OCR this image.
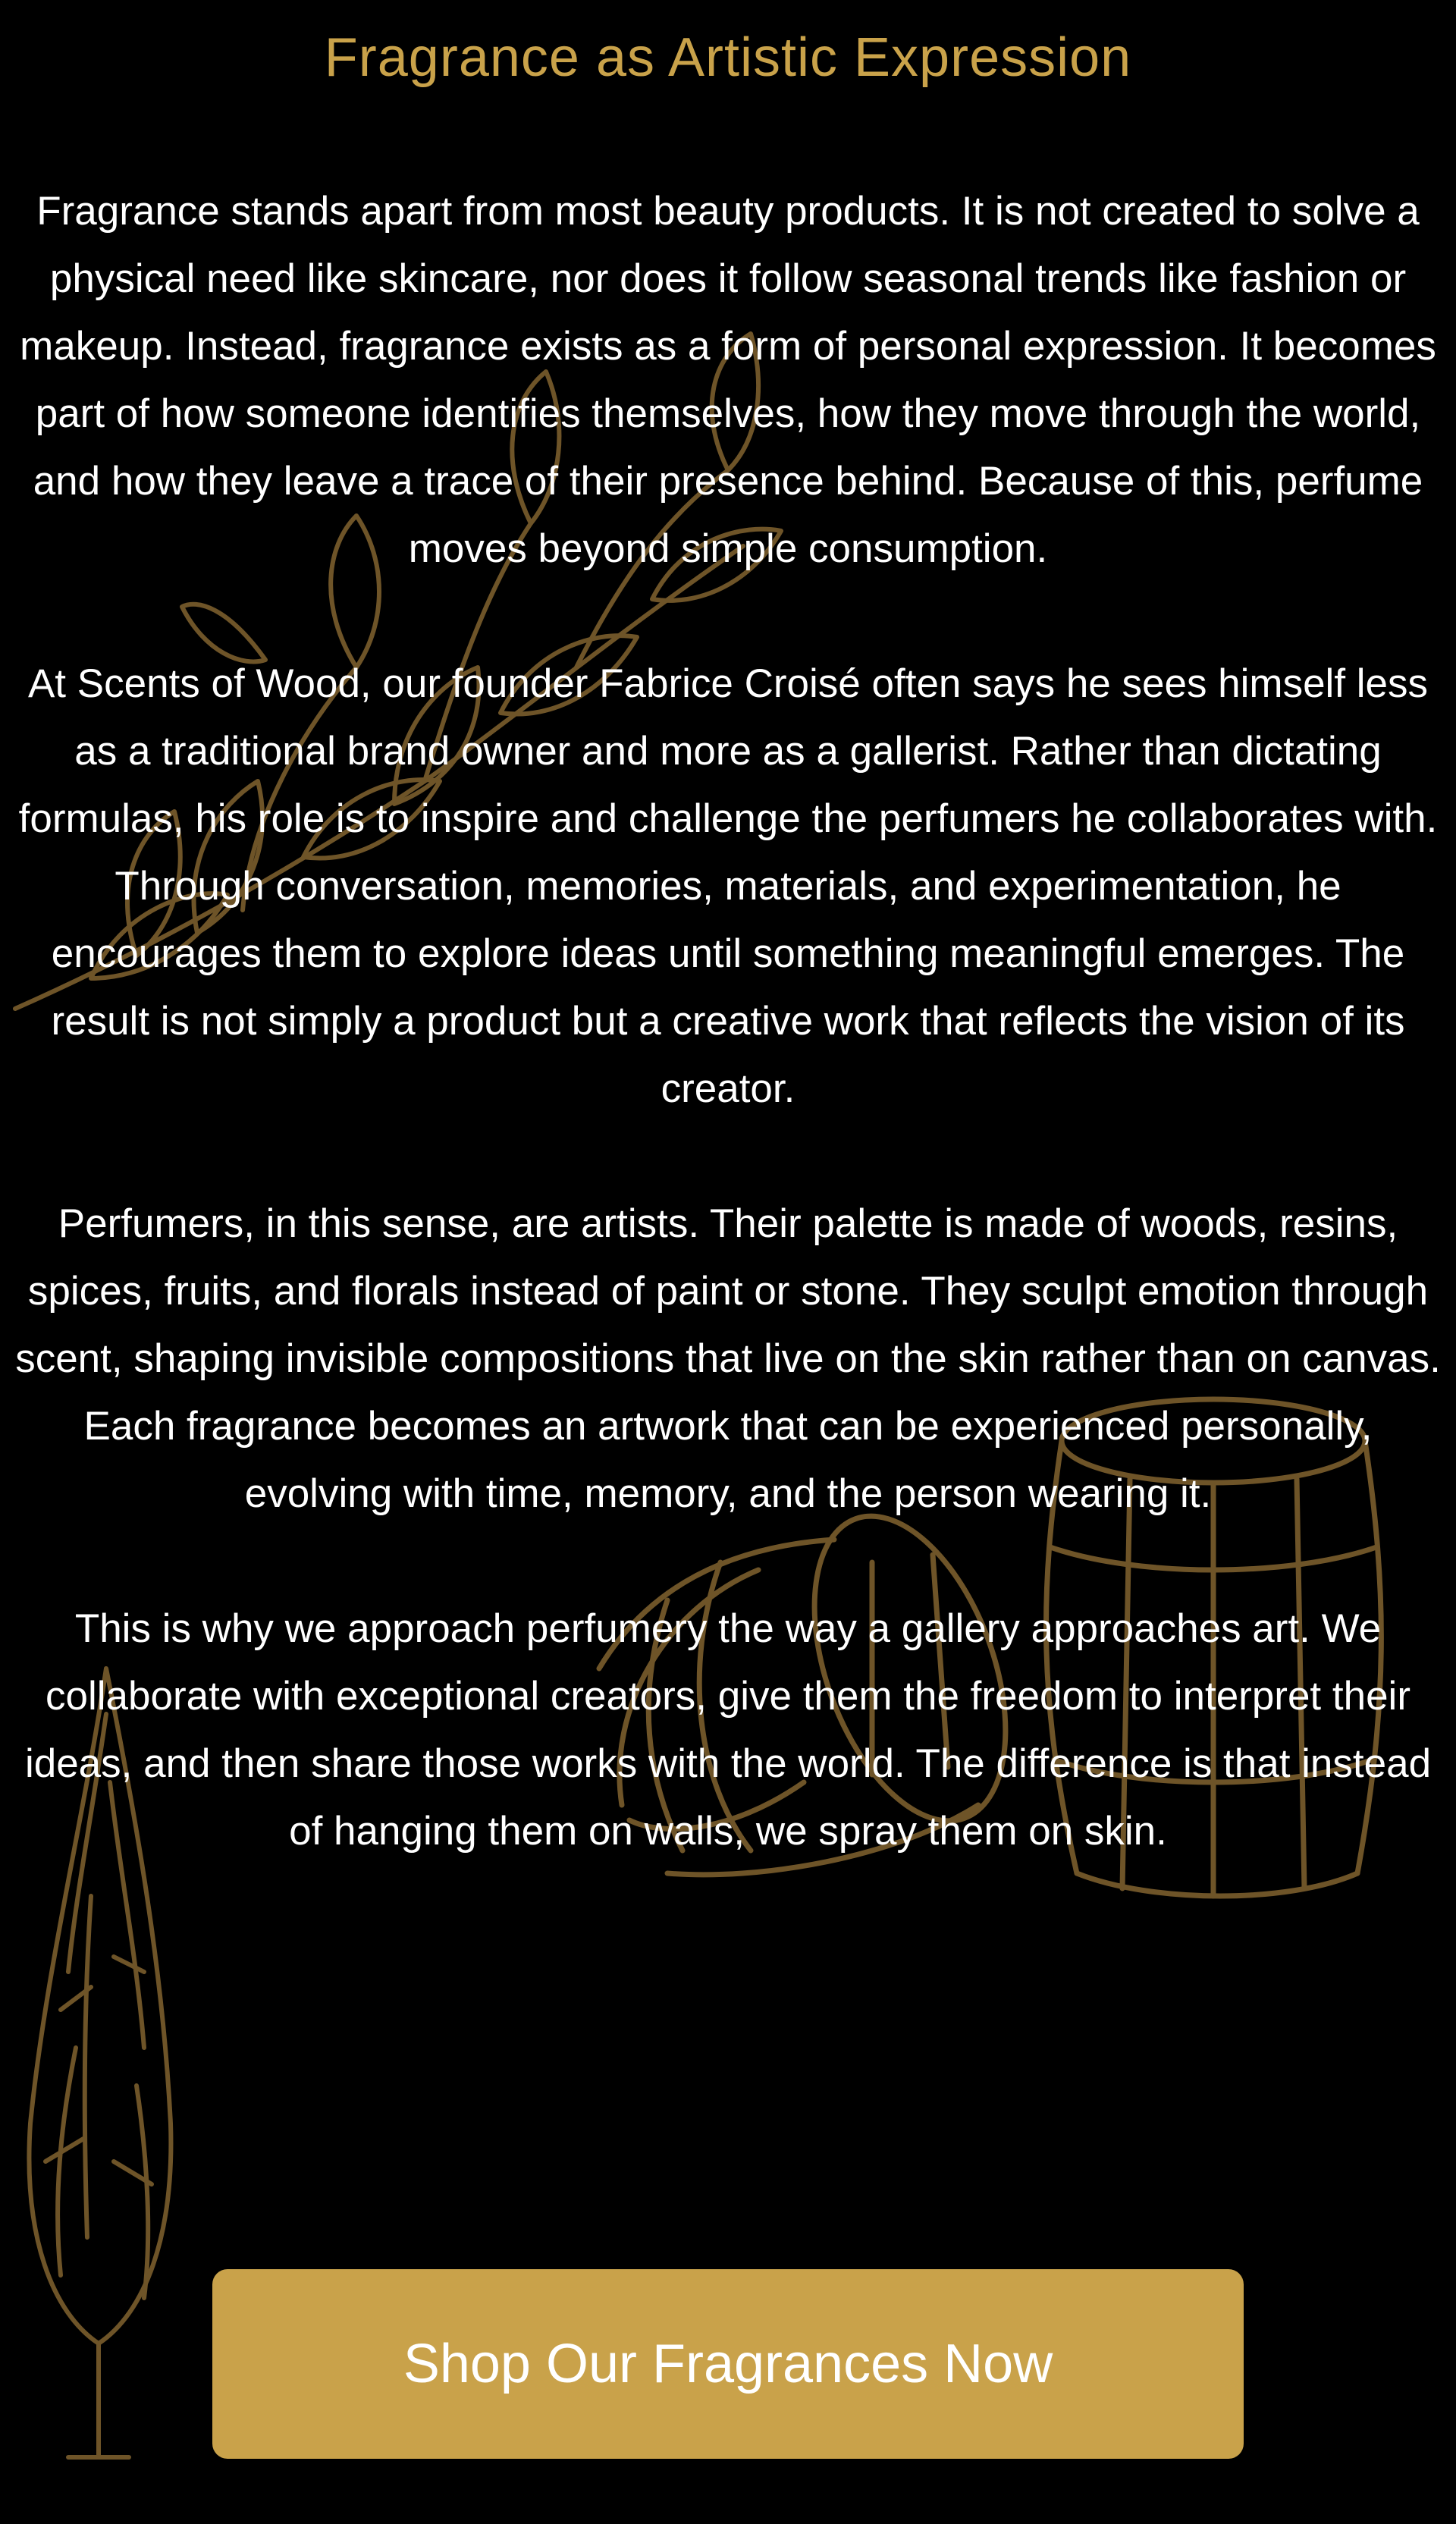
Fragrance as Artistic Expression

Fragrance stands apart from most beauty products. It is not created to solve a physical need like skincare, nor does it follow seasonal trends like fashion or makeup. Instead, fragrance exists as a form of personal expression. It becomes part of how someone identifies themselves, how they move through the world, and how they leave a trace of their presence behind. Because of this, perfume moves beyond simple consumption.

At Scents of Wood, our founder Fabrice Croisé often says he sees himself less as a traditional brand owner and more as a gallerist. Rather than dictating formulas, his role is to inspire and challenge the perfumers he collaborates with. Through conversation, memories, materials, and experimentation, he encourages them to explore ideas until something meaningful emerges. The result is not simply a product but a creative work that reflects the vision of its creator.

Perfumers, in this sense, are artists. Their palette is made of woods, resins, spices, fruits, and florals instead of paint or stone. They sculpt emotion through scent, shaping invisible compositions that live on the skin rather than on canvas. Each fragrance becomes an artwork that can be experienced personally, evolving with time, memory, and the person wearing it.

This is why we approach perfumery the way a gallery approaches art. We collaborate with exceptional creators, give them the freedom to interpret their ideas, and then share those works with the world. The difference is that instead of hanging them on walls, we spray them on skin.

Shop Our Fragrances Now
